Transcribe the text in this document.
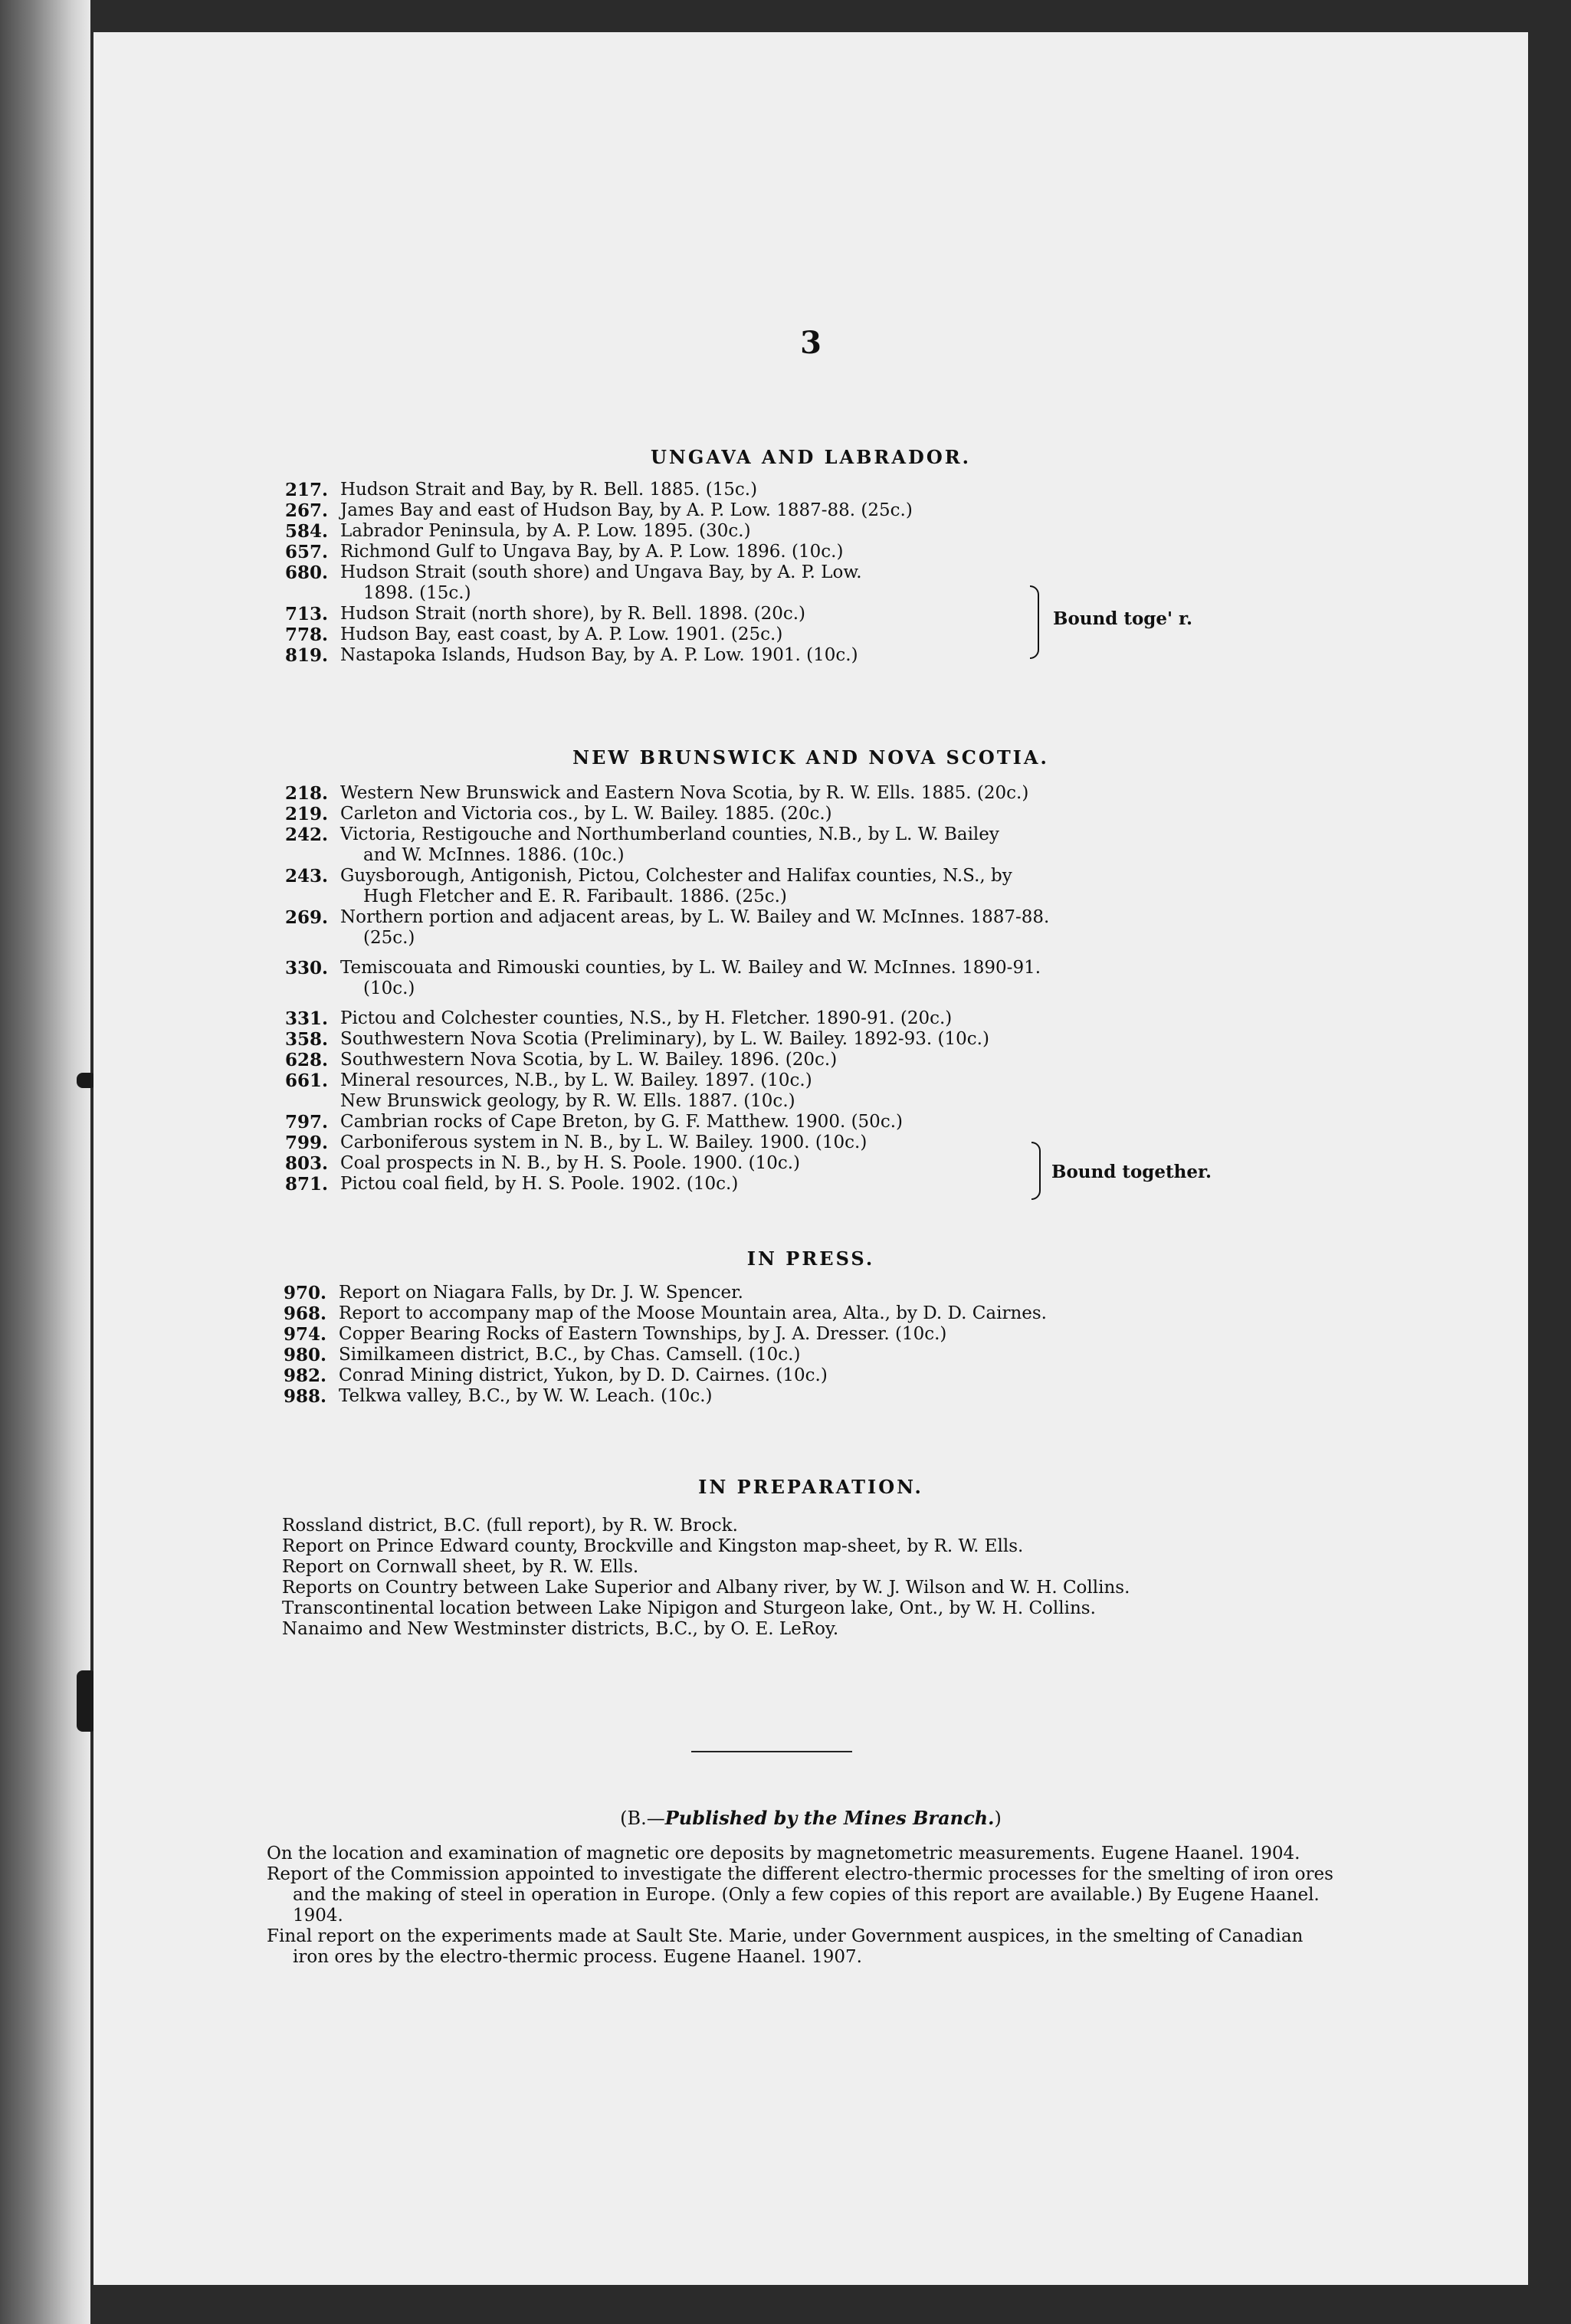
3
UNGAVA AND LABRADOR.

217. Hudson Strait and Bay, by R. Bell. 1885. (15c.)

267. James Bay and east of Hudson Bay, by A. P. Low. 1887-88. (25c.)

584. Labrador Peninsula, by A. P. Low. 1895. (30c.)

657. Richmond Gulf to Ungava Bay, by A. P. Low. 1896. (10c.)

680. Hudson Strait (south shore) and Ungava Bay, by A. P. Low.
1898. (15c.)

713. Hudson Strait (north shore), by R. Bell. 1898. (20c.)

778. Hudson Bay, east coast, by A. P. Low. 1901. (25c.)

819. Nastapoka Islands, Hudson Bay, by A. P. Low. 1901. (10c.)

Bound toge' r.
NEW BRUNSWICK AND NOVA SCOTIA.

218. Western New Brunswick and Eastern Nova Scotia, by R. W. Ells. 1885. (20c.)

219. Carleton and Victoria cos., by L. W. Bailey. 1885. (20c.)

242. Victoria, Restigouche and Northumberland counties, N.B., by L. W. Bailey
and W. McInnes. 1886. (10c.)

243. Guysborough, Antigonish, Pictou, Colchester and Halifax counties, N.S., by
Hugh Fletcher and E. R. Faribault. 1886. (25c.)

269. Northern portion and adjacent areas, by L. W. Bailey and W. McInnes. 1887-88.
(25c.)

330. Temiscouata and Rimouski counties, by L. W. Bailey and W. McInnes. 1890-91.
(10c.)

331. Pictou and Colchester counties, N.S., by H. Fletcher. 1890-91. (20c.)

358. Southwestern Nova Scotia (Preliminary), by L. W. Bailey. 1892-93. (10c.)

628. Southwestern Nova Scotia, by L. W. Bailey. 1896. (20c.)

661. Mineral resources, N.B., by L. W. Bailey. 1897. (10c.)

New Brunswick geology, by R. W. Ells. 1887. (10c.)

797. Cambrian rocks of Cape Breton, by G. F. Matthew. 1900. (50c.)

799. Carboniferous system in N. B., by L. W. Bailey. 1900. (10c.)

803. Coal prospects in N. B., by H. S. Poole. 1900. (10c.)

871. Pictou coal field, by H. S. Poole. 1902. (10c.)

Bound together.
IN PRESS.

970. Report on Niagara Falls, by Dr. J. W. Spencer.

968. Report to accompany map of the Moose Mountain area, Alta., by D. D. Cairnes.

974. Copper Bearing Rocks of Eastern Townships, by J. A. Dresser. (10c.)

980. Similkameen district, B.C., by Chas. Camsell. (10c.)

982. Conrad Mining district, Yukon, by D. D. Cairnes. (10c.)

988. Telkwa valley, B.C., by W. W. Leach. (10c.)

IN PREPARATION.

Rossland district, B.C. (full report), by R. W. Brock.

Report on Prince Edward county, Brockville and Kingston map-sheet, by R. W. Ells.

Report on Cornwall sheet, by R. W. Ells.

Reports on Country between Lake Superior and Albany river, by W. J. Wilson and W. H. Collins.

Transcontinental location between Lake Nipigon and Sturgeon lake, Ont., by W. H. Collins.

Nanaimo and New Westminster districts, B.C., by O. E. LeRoy.

(B.—Published by the Mines Branch.)

On the location and examination of magnetic ore deposits by magnetometric measurements. Eugene Haanel. 1904.

Report of the Commission appointed to investigate the different electro-thermic processes for the smelting of iron ores and the making of steel in operation in Europe. (Only a few copies of this report are available.) By Eugene Haanel. 1904.

Final report on the experiments made at Sault Ste. Marie, under Government auspices, in the smelting of Canadian iron ores by the electro-thermic process. Eugene Haanel. 1907.
